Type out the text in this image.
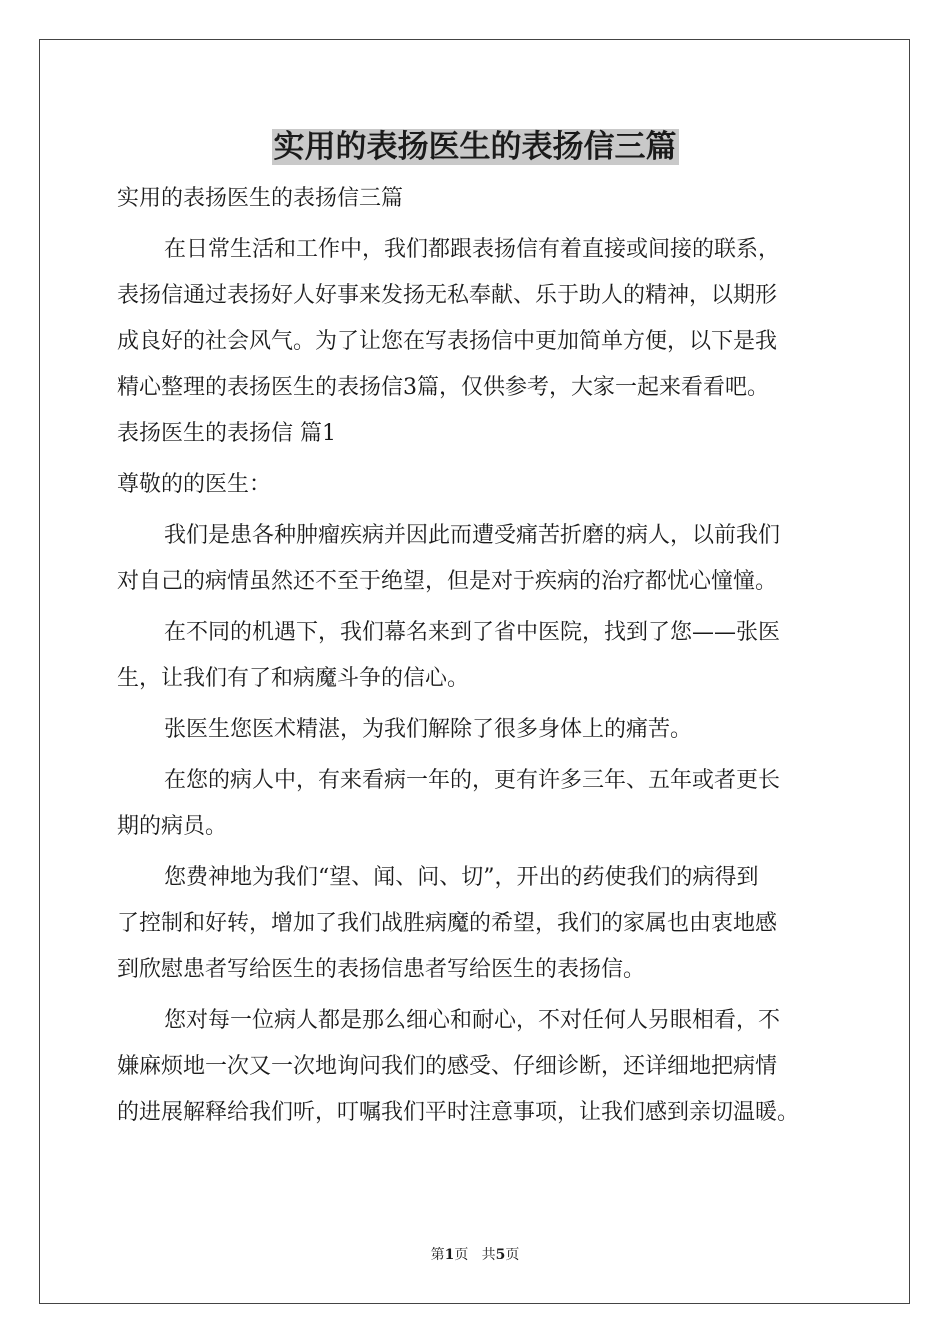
实用的表扬医生的表扬信三篇
实用的表扬医生的表扬信三篇
在日常生活和工作中，我们都跟表扬信有着直接或间接的联系，
表扬信通过表扬好人好事来发扬无私奉献、乐于助人的精神，以期形
成良好的社会风气。为了让您在写表扬信中更加简单方便，以下是我
精心整理的表扬医生的表扬信3篇，仅供参考，大家一起来看看吧。
表扬医生的表扬信 篇1
尊敬的的医生：
我们是患各种肿瘤疾病并因此而遭受痛苦折磨的病人，以前我们
对自己的病情虽然还不至于绝望，但是对于疾病的治疗都忧心憧憧。
在不同的机遇下，我们幕名来到了省中医院，找到了您——张医
生，让我们有了和病魔斗争的信心。
张医生您医术精湛，为我们解除了很多身体上的痛苦。
在您的病人中，有来看病一年的，更有许多三年、五年或者更长
期的病员。
您费神地为我们“望、闻、问、切”，开出的药使我们的病得到
了控制和好转，增加了我们战胜病魔的希望，我们的家属也由衷地感
到欣慰患者写给医生的表扬信患者写给医生的表扬信。
您对每一位病人都是那么细心和耐心，不对任何人另眼相看，不
嫌麻烦地一次又一次地询问我们的感受、仔细诊断，还详细地把病情
的进展解释给我们听，叮嘱我们平时注意事项，让我们感到亲切温暖。
第1页 共5页
